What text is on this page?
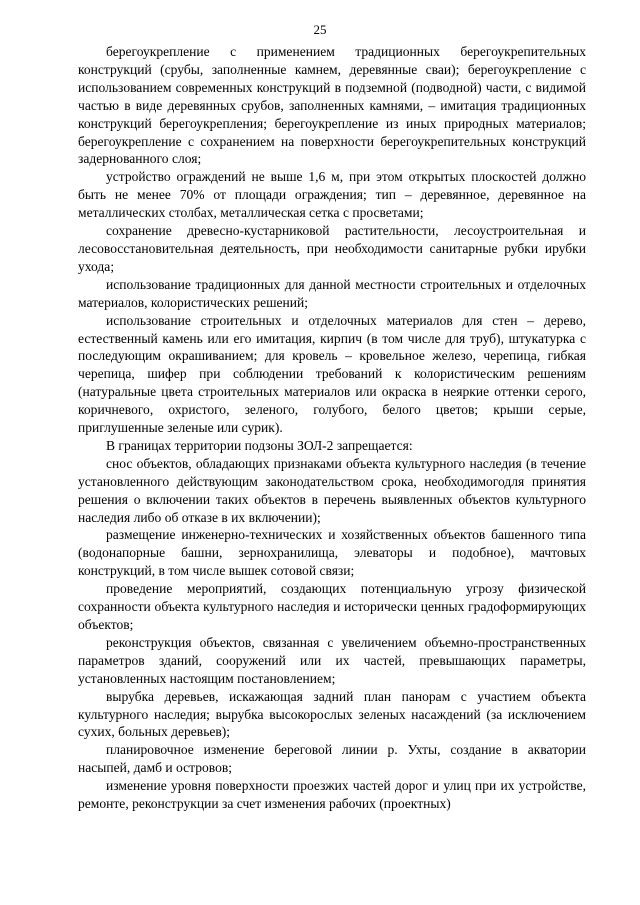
25

берегоукрепление с применением традиционных берегоукрепительных конструкций (срубы, заполненные камнем, деревянные сваи); берегоукрепление с использованием современных конструкций в подземной (подводной) части, с видимой частью в виде деревянных срубов, заполненных камнями, – имитация традиционных конструкций берегоукрепления; берегоукрепление из иных природных материалов; берегоукрепление с сохранением на поверхности берегоукрепительных конструкций задернованного слоя;

устройство ограждений не выше 1,6 м, при этом открытых плоскостей должно быть не менее 70% от площади ограждения; тип – деревянное, деревянное на металлических столбах, металлическая сетка с просветами;

сохранение древесно-кустарниковой растительности, лесоустроительная и лесовосстановительная деятельность, при необходимости санитарные рубки ирубки ухода;

использование традиционных для данной местности строительных и отделочных материалов, колористических решений;

использование строительных и отделочных материалов для стен – дерево, естественный камень или его имитация, кирпич (в том числе для труб), штукатурка с последующим окрашиванием; для кровель – кровельное железо, черепица, гибкая черепица, шифер при соблюдении требований к колористическим решениям (натуральные цвета строительных материалов или окраска в неяркие оттенки серого, коричневого, охристого, зеленого, голубого, белого цветов; крыши серые, приглушенные зеленые или сурик).

В границах территории подзоны ЗОЛ-2 запрещается:

снос объектов, обладающих признаками объекта культурного наследия (в течение установленного действующим законодательством срока, необходимогодля принятия решения о включении таких объектов в перечень выявленных объектов культурного наследия либо об отказе в их включении);

размещение инженерно-технических и хозяйственных объектов башенного типа (водонапорные башни, зернохранилища, элеваторы и подобное), мачтовых конструкций, в том числе вышек сотовой связи;

проведение мероприятий, создающих потенциальную угрозу физической сохранности объекта культурного наследия и исторически ценных градоформирующих объектов;

реконструкция объектов, связанная с увеличением объемно-пространственных параметров зданий, сооружений или их частей, превышающих параметры, установленных настоящим постановлением;

вырубка деревьев, искажающая задний план панорам с участием объекта культурного наследия; вырубка высокорослых зеленых насаждений (за исключением сухих, больных деревьев);

планировочное изменение береговой линии р. Ухты, создание в акватории насыпей, дамб и островов;

изменение уровня поверхности проезжих частей дорог и улиц при их устройстве, ремонте, реконструкции за счет изменения рабочих (проектных)
